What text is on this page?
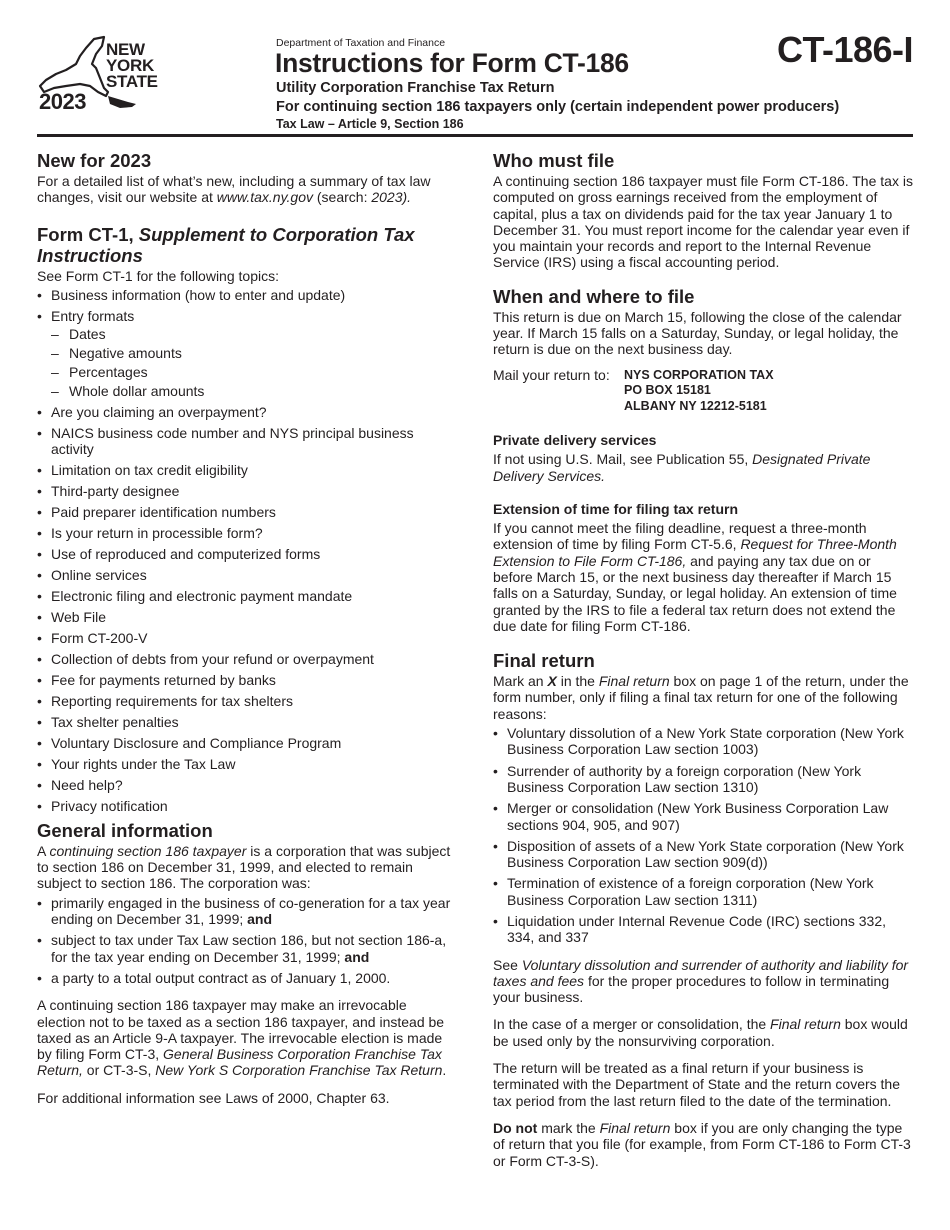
NEW
YORK
STATE
2023
Department of Taxation and Finance
Instructions for Form CT-186
Utility Corporation Franchise Tax Return
For continuing section 186 taxpayers only (certain independent power producers)
Tax Law – Article 9, Section 186
CT-186-I
New for 2023

For a detailed list of what’s new, including a summary of tax law changes, visit our website at www.tax.ny.gov (search: 2023).

Form CT-1, Supplement to Corporation Tax Instructions

See Form CT-1 for the following topics:

• Business information (how to enter and update)
• Entry formats
– Dates
– Negative amounts
– Percentages
– Whole dollar amounts
• Are you claiming an overpayment?
• NAICS business code number and NYS principal business activity
• Limitation on tax credit eligibility
• Third-party designee
• Paid preparer identification numbers
• Is your return in processible form?
• Use of reproduced and computerized forms
• Online services
• Electronic filing and electronic payment mandate
• Web File
• Form CT-200-V
• Collection of debts from your refund or overpayment
• Fee for payments returned by banks
• Reporting requirements for tax shelters
• Tax shelter penalties
• Voluntary Disclosure and Compliance Program
• Your rights under the Tax Law
• Need help?
• Privacy notification
General information

A continuing section 186 taxpayer is a corporation that was subject to section 186 on December 31, 1999, and elected to remain subject to section 186. The corporation was:

• primarily engaged in the business of co-generation for a tax year ending on December 31, 1999; and
• subject to tax under Tax Law section 186, but not section 186-a, for the tax year ending on December 31, 1999; and
• a party to a total output contract as of January 1, 2000.

A continuing section 186 taxpayer may make an irrevocable election not to be taxed as a section 186 taxpayer, and instead be taxed as an Article 9-A taxpayer. The irrevocable election is made by filing Form CT-3, General Business Corporation Franchise Tax Return, or CT-3-S, New York S Corporation Franchise Tax Return.

For additional information see Laws of 2000, Chapter 63.

Who must file

A continuing section 186 taxpayer must file Form CT-186. The tax is computed on gross earnings received from the employment of capital, plus a tax on dividends paid for the tax year January 1 to December 31. You must report income for the calendar year even if you maintain your records and report to the Internal Revenue Service (IRS) using a fiscal accounting period.

When and where to file

This return is due on March 15, following the close of the calendar year. If March 15 falls on a Saturday, Sunday, or legal holiday, the return is due on the next business day.

Mail your return to:	NYS CORPORATION TAX
PO BOX 15181
ALBANY NY 12212-5181
Private delivery services

If not using U.S. Mail, see Publication 55, Designated Private Delivery Services.

Extension of time for filing tax return

If you cannot meet the filing deadline, request a three-month extension of time by filing Form CT-5.6, Request for Three-Month Extension to File Form CT-186, and paying any tax due on or before March 15, or the next business day thereafter if March 15 falls on a Saturday, Sunday, or legal holiday. An extension of time granted by the IRS to file a federal tax return does not extend the due date for filing Form CT-186.

Final return

Mark an X in the Final return box on page 1 of the return, under the form number, only if filing a final tax return for one of the following reasons:

• Voluntary dissolution of a New York State corporation (New York Business Corporation Law section 1003)
• Surrender of authority by a foreign corporation (New York Business Corporation Law section 1310)
• Merger or consolidation (New York Business Corporation Law sections 904, 905, and 907)
• Disposition of assets of a New York State corporation (New York Business Corporation Law section 909(d))
• Termination of existence of a foreign corporation (New York Business Corporation Law section 1311)
• Liquidation under Internal Revenue Code (IRC) sections 332, 334, and 337

See Voluntary dissolution and surrender of authority and liability for taxes and fees for the proper procedures to follow in terminating your business.

In the case of a merger or consolidation, the Final return box would be used only by the nonsurviving corporation.

The return will be treated as a final return if your business is terminated with the Department of State and the return covers the tax period from the last return filed to the date of the termination.

Do not mark the Final return box if you are only changing the type of return that you file (for example, from Form CT-186 to Form CT-3 or Form CT-3-S).
